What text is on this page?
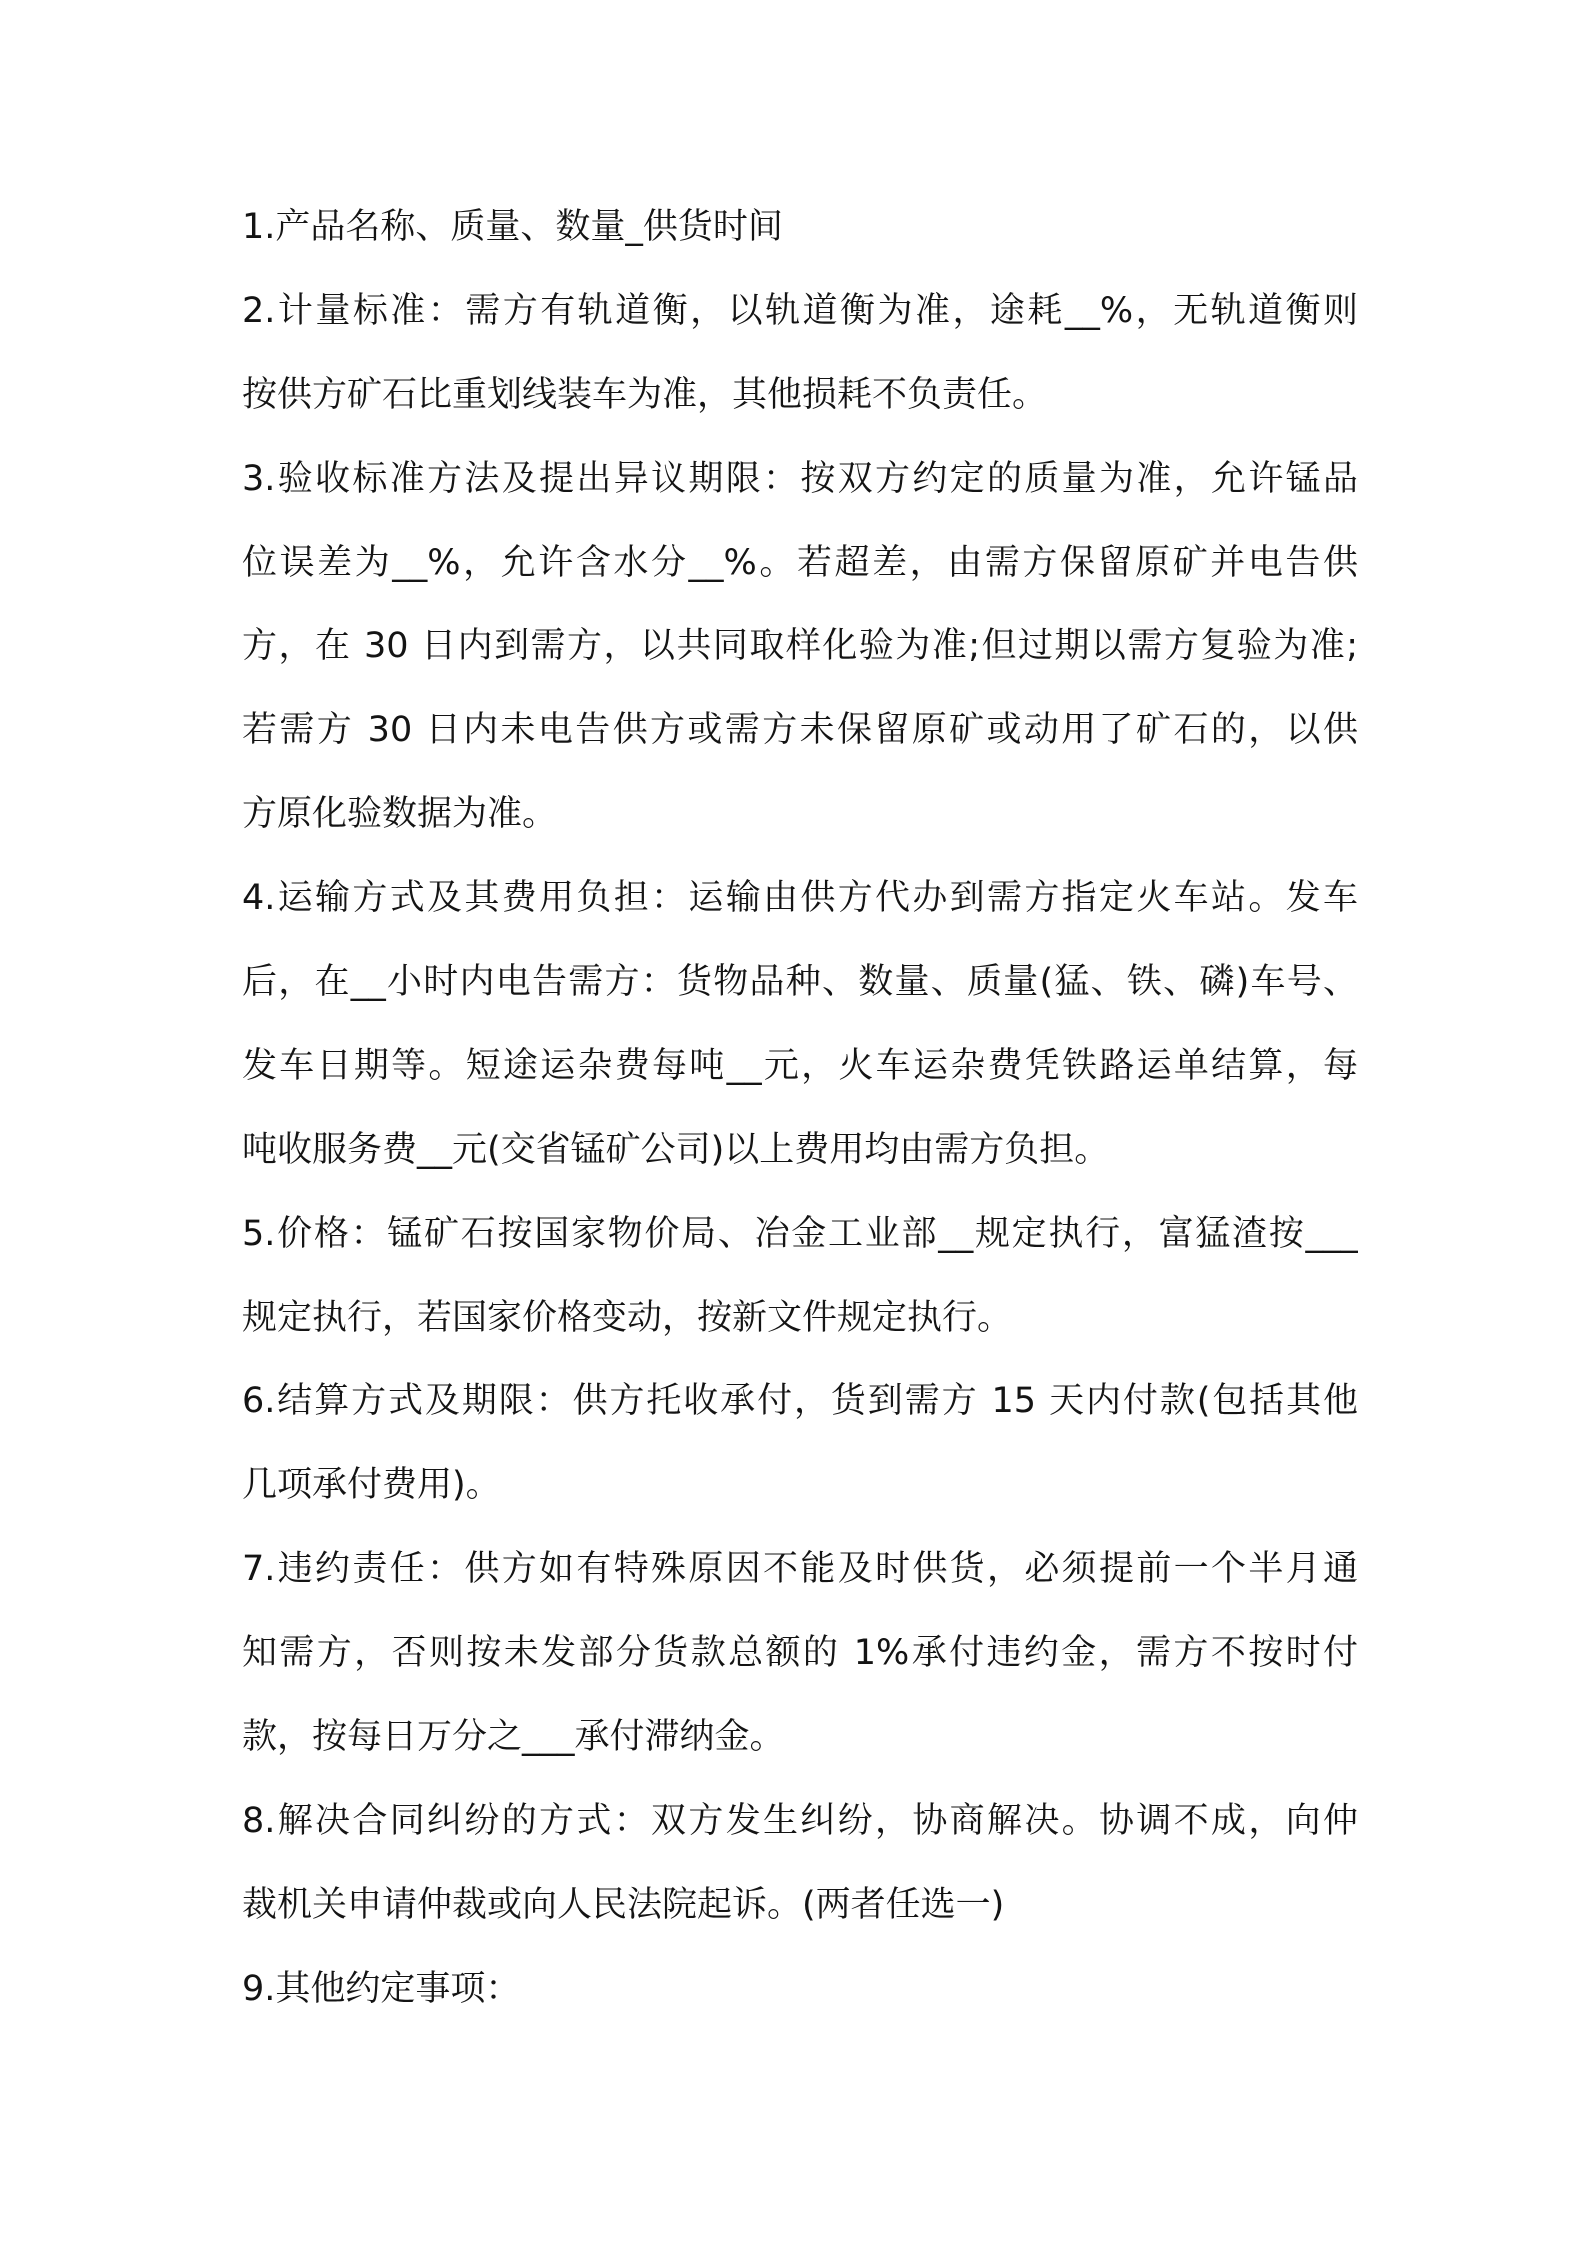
1.产品名称、质量、数量_供货时间
2.计量标准：需方有轨道衡，以轨道衡为准，途耗__%，无轨道衡则
按供方矿石比重划线装车为准，其他损耗不负责任。
3.验收标准方法及提出异议期限：按双方约定的质量为准，允许锰品
位误差为__%，允许含水分__%。若超差，由需方保留原矿并电告供
方，在 30 日内到需方，以共同取样化验为准;但过期以需方复验为准;
若需方 30 日内未电告供方或需方未保留原矿或动用了矿石的，以供
方原化验数据为准。
4.运输方式及其费用负担：运输由供方代办到需方指定火车站。发车
后，在__小时内电告需方：货物品种、数量、质量(猛、铁、磷)车号、
发车日期等。短途运杂费每吨__元，火车运杂费凭铁路运单结算，每
吨收服务费__元(交省锰矿公司)以上费用均由需方负担。
5.价格：锰矿石按国家物价局、冶金工业部__规定执行，富猛渣按___
规定执行，若国家价格变动，按新文件规定执行。
6.结算方式及期限：供方托收承付，货到需方 15 天内付款(包括其他
几项承付费用)。
7.违约责任：供方如有特殊原因不能及时供货，必须提前一个半月通
知需方，否则按未发部分货款总额的 1%承付违约金，需方不按时付
款，按每日万分之___承付滞纳金。
8.解决合同纠纷的方式：双方发生纠纷，协商解决。协调不成，向仲
裁机关申请仲裁或向人民法院起诉。(两者任选一)
9.其他约定事项：
